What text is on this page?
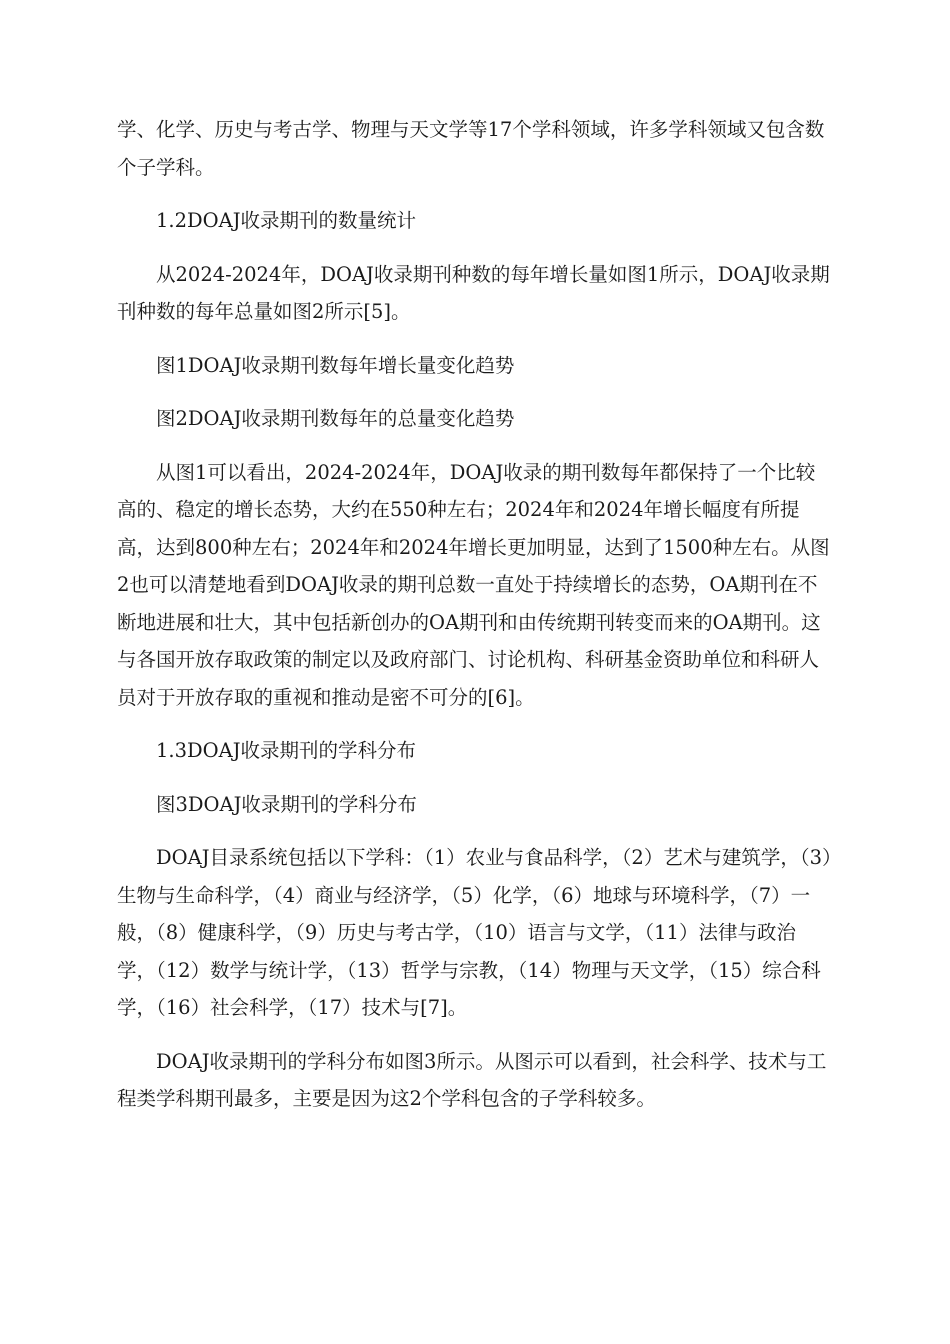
学、化学、历史与考古学、物理与天文学等17个学科领域，许多学科领域又包含数个子学科。

1.2DOAJ收录期刊的数量统计

从2024-2024年，DOAJ收录期刊种数的每年增长量如图1所示，DOAJ收录期刊种数的每年总量如图2所示[5]。

图1DOAJ收录期刊数每年增长量变化趋势

图2DOAJ收录期刊数每年的总量变化趋势

从图1可以看出，2024-2024年，DOAJ收录的期刊数每年都保持了一个比较高的、稳定的增长态势，大约在550种左右；2024年和2024年增长幅度有所提高，达到800种左右；2024年和2024年增长更加明显，达到了1500种左右。从图2也可以清楚地看到DOAJ收录的期刊总数一直处于持续增长的态势，OA期刊在不断地进展和壮大，其中包括新创办的OA期刊和由传统期刊转变而来的OA期刊。这与各国开放存取政策的制定以及政府部门、讨论机构、科研基金资助单位和科研人员对于开放存取的重视和推动是密不可分的[6]。

1.3DOAJ收录期刊的学科分布

图3DOAJ收录期刊的学科分布

DOAJ目录系统包括以下学科：（1）农业与食品科学，（2）艺术与建筑学，（3）生物与生命科学，（4）商业与经济学，（5）化学，（6）地球与环境科学，（7）一般，（8）健康科学，（9）历史与考古学，（10）语言与文学，（11）法律与政治学，（12）数学与统计学，（13）哲学与宗教，（14）物理与天文学，（15）综合科学，（16）社会科学，（17）技术与[7]。

DOAJ收录期刊的学科分布如图3所示。从图示可以看到，社会科学、技术与工程类学科期刊最多，主要是因为这2个学科包含的子学科较多。
